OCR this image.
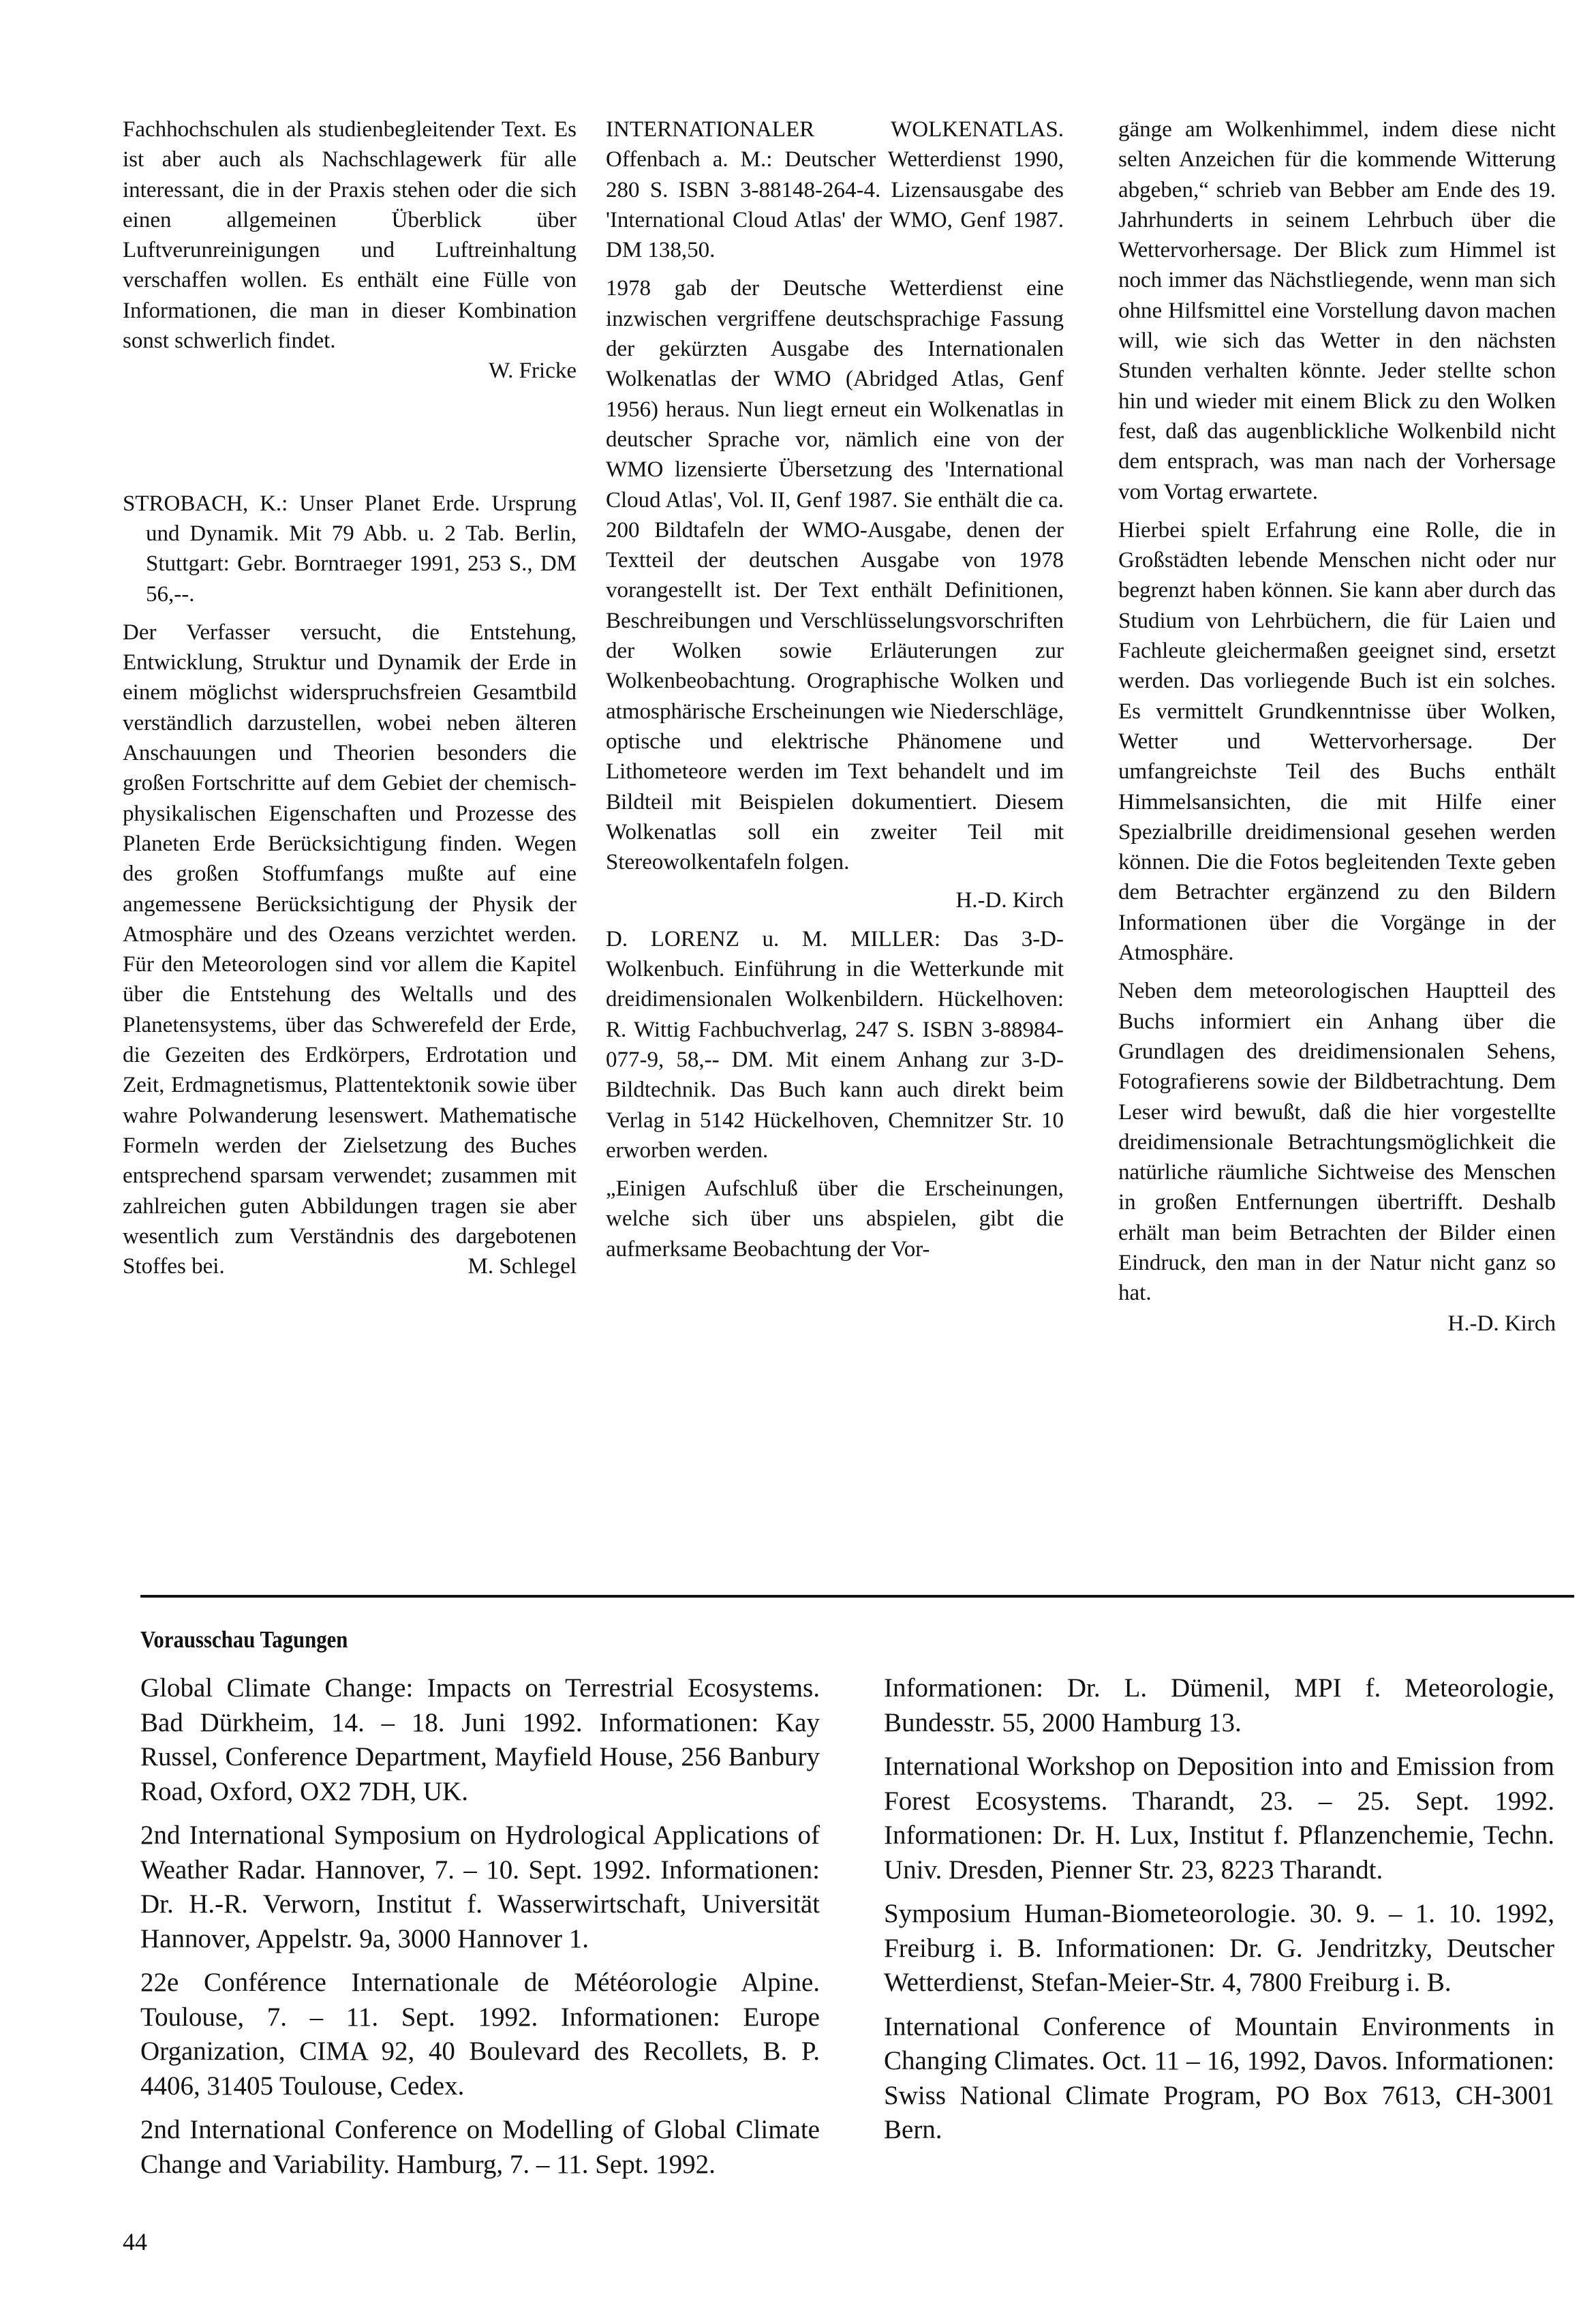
Fachhochschulen als studienbegleitender Text. Es ist aber auch als Nachschlagewerk für alle interessant, die in der Praxis stehen oder die sich einen allgemeinen Überblick über Luftverunreinigungen und Luftreinhaltung verschaffen wollen. Es enthält eine Fülle von Informationen, die man in dieser Kombination sonst schwerlich findet.

W. Fricke

STROBACH, K.: Unser Planet Erde. Ursprung und Dynamik. Mit 79 Abb. u. 2 Tab. Berlin, Stuttgart: Gebr. Borntraeger 1991, 253 S., DM 56,--.

Der Verfasser versucht, die Entstehung, Entwicklung, Struktur und Dynamik der Erde in einem möglichst widerspruchsfreien Gesamtbild verständlich darzustellen, wobei neben älteren Anschauungen und Theorien besonders die großen Fortschritte auf dem Gebiet der chemisch-physikalischen Eigenschaften und Prozesse des Planeten Erde Berücksichtigung finden. Wegen des großen Stoffumfangs mußte auf eine angemessene Berücksichtigung der Physik der Atmosphäre und des Ozeans verzichtet werden. Für den Meteorologen sind vor allem die Kapitel über die Entstehung des Weltalls und des Planetensystems, über das Schwerefeld der Erde, die Gezeiten des Erdkörpers, Erdrotation und Zeit, Erdmagnetismus, Plattentektonik sowie über wahre Polwanderung lesenswert. Mathematische Formeln werden der Zielsetzung des Buches entsprechend sparsam verwendet; zusammen mit zahlreichen guten Abbildungen tragen sie aber wesentlich zum Verständnis des dargebotenen Stoffes bei.	M. Schlegel

INTERNATIONALER WOLKENATLAS. Offenbach a. M.: Deutscher Wetterdienst 1990, 280 S. ISBN 3-88148-264-4. Lizensausgabe des 'International Cloud Atlas' der WMO, Genf 1987. DM 138,50.

1978 gab der Deutsche Wetterdienst eine inzwischen vergriffene deutschsprachige Fassung der gekürzten Ausgabe des Internationalen Wolkenatlas der WMO (Abridged Atlas, Genf 1956) heraus. Nun liegt erneut ein Wolkenatlas in deutscher Sprache vor, nämlich eine von der WMO lizensierte Übersetzung des 'International Cloud Atlas', Vol. II, Genf 1987. Sie enthält die ca. 200 Bildtafeln der WMO-Ausgabe, denen der Textteil der deutschen Ausgabe von 1978 vorangestellt ist. Der Text enthält Definitionen, Beschreibungen und Verschlüsselungsvorschriften der Wolken sowie Erläuterungen zur Wolkenbeobachtung. Orographische Wolken und atmosphärische Erscheinungen wie Niederschläge, optische und elektrische Phänomene und Lithometeore werden im Text behandelt und im Bildteil mit Beispielen dokumentiert. Diesem Wolkenatlas soll ein zweiter Teil mit Stereowolkentafeln folgen.

H.-D. Kirch

D. LORENZ u. M. MILLER: Das 3-D-Wolkenbuch. Einführung in die Wetterkunde mit dreidimensionalen Wolkenbildern. Hückelhoven: R. Wittig Fachbuchverlag, 247 S. ISBN 3-88984-077-9, 58,-- DM. Mit einem Anhang zur 3-D-Bildtechnik. Das Buch kann auch direkt beim Verlag in 5142 Hückelhoven, Chemnitzer Str. 10 erworben werden.

„Einigen Aufschluß über die Erscheinungen, welche sich über uns abspielen, gibt die aufmerksame Beobachtung der Vor-

gänge am Wolkenhimmel, indem diese nicht selten Anzeichen für die kommende Witterung abgeben,“ schrieb van Bebber am Ende des 19. Jahrhunderts in seinem Lehrbuch über die Wettervorhersage. Der Blick zum Himmel ist noch immer das Nächstliegende, wenn man sich ohne Hilfsmittel eine Vorstellung davon machen will, wie sich das Wetter in den nächsten Stunden verhalten könnte. Jeder stellte schon hin und wieder mit einem Blick zu den Wolken fest, daß das augenblickliche Wolkenbild nicht dem entsprach, was man nach der Vorhersage vom Vortag erwartete.

Hierbei spielt Erfahrung eine Rolle, die in Großstädten lebende Menschen nicht oder nur begrenzt haben können. Sie kann aber durch das Studium von Lehrbüchern, die für Laien und Fachleute gleichermaßen geeignet sind, ersetzt werden. Das vorliegende Buch ist ein solches. Es vermittelt Grundkenntnisse über Wolken, Wetter und Wettervorhersage. Der umfangreichste Teil des Buchs enthält Himmelsansichten, die mit Hilfe einer Spezialbrille dreidimensional gesehen werden können. Die die Fotos begleitenden Texte geben dem Betrachter ergänzend zu den Bildern Informationen über die Vorgänge in der Atmosphäre.

Neben dem meteorologischen Hauptteil des Buchs informiert ein Anhang über die Grundlagen des dreidimensionalen Sehens, Fotografierens sowie der Bildbetrachtung. Dem Leser wird bewußt, daß die hier vorgestellte dreidimensionale Betrachtungsmöglichkeit die natürliche räumliche Sichtweise des Menschen in großen Entfernungen übertrifft. Deshalb erhält man beim Betrachten der Bilder einen Eindruck, den man in der Natur nicht ganz so hat.

H.-D. Kirch

Vorausschau Tagungen

Global Climate Change: Impacts on Terrestrial Ecosystems. Bad Dürkheim, 14. – 18. Juni 1992. Informationen: Kay Russel, Conference Department, Mayfield House, 256 Banbury Road, Oxford, OX2 7DH, UK.

2nd International Symposium on Hydrological Applications of Weather Radar. Hannover, 7. – 10. Sept. 1992. Informationen: Dr. H.-R. Verworn, Institut f. Wasserwirtschaft, Universität Hannover, Appelstr. 9a, 3000 Hannover 1.

22e Conférence Internationale de Météorologie Alpine. Toulouse, 7. – 11. Sept. 1992. Informationen: Europe Organization, CIMA 92, 40 Boulevard des Recollets, B. P. 4406, 31405 Toulouse, Cedex.

2nd International Conference on Modelling of Global Climate Change and Variability. Hamburg, 7. – 11. Sept. 1992.

Informationen: Dr. L. Dümenil, MPI f. Meteorologie, Bundesstr. 55, 2000 Hamburg 13.

International Workshop on Deposition into and Emission from Forest Ecosystems. Tharandt, 23. – 25. Sept. 1992. Informationen: Dr. H. Lux, Institut f. Pflanzenchemie, Techn. Univ. Dresden, Pienner Str. 23, 8223 Tharandt.

Symposium Human-Biometeorologie. 30. 9. – 1. 10. 1992, Freiburg i. B. Informationen: Dr. G. Jendritzky, Deutscher Wetterdienst, Stefan-Meier-Str. 4, 7800 Freiburg i. B.

International Conference of Mountain Environments in Changing Climates. Oct. 11 – 16, 1992, Davos. Informationen: Swiss National Climate Program, PO Box 7613, CH-3001 Bern.

44
